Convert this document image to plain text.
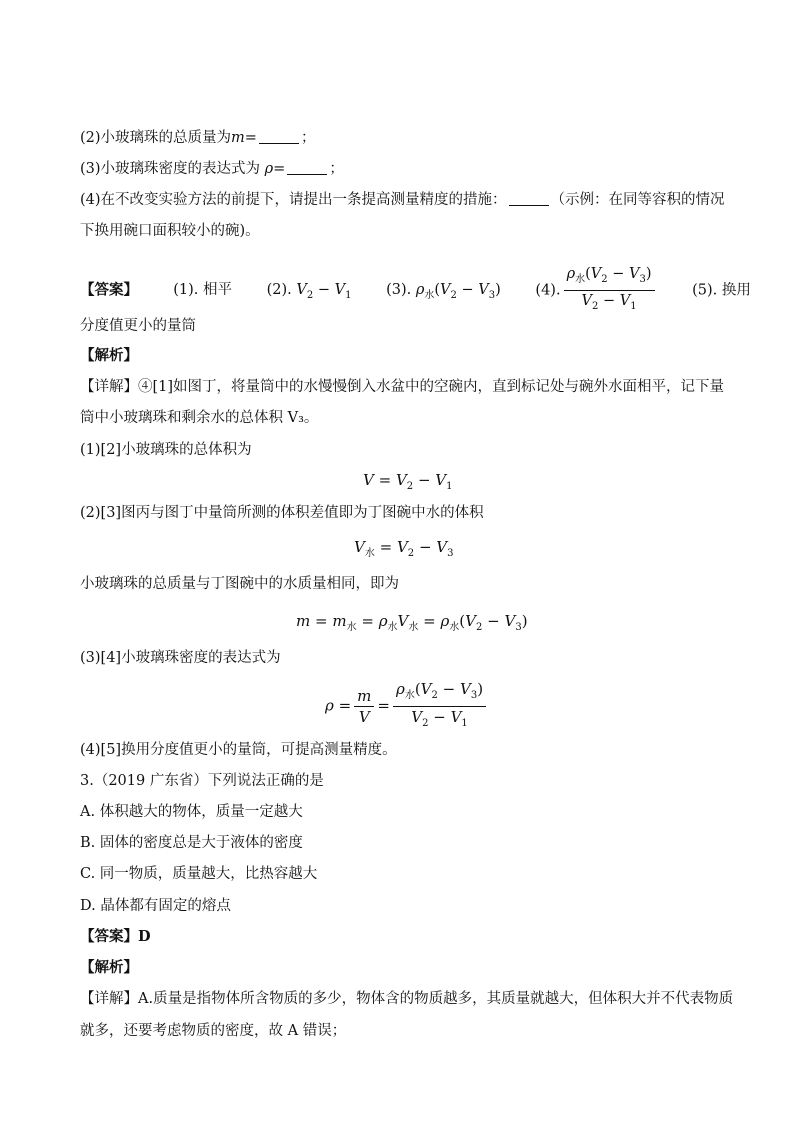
(2)小玻璃珠的总质量为m=	；
(3)小玻璃珠密度的表达式为 ρ=	；
(4)在不改变实验方法的前提下，请提出一条提高测量精度的措施：	（示例：在同等容积的情况
下换用碗口面积较小的碗)。
【答案】 (1). 相平 (2). $V_2 - V_1$ (3). $\rho_水(V_2 - V_3)$ (4). $\frac{\rho_水(V_2 - V_3)}{V_2 - V_1}$	(5). 换用
分度值更小的量筒
【解析】
【详解】④[1]如图丁，将量筒中的水慢慢倒入水盆中的空碗内，直到标记处与碗外水面相平，记下量
筒中小玻璃珠和剩余水的总体积 V₃。
(1)[2]小玻璃珠的总体积为
$V = V_2 - V_1$
(2)[3]图丙与图丁中量筒所测的体积差值即为丁图碗中水的体积
$V_水 = V_2 - V_3$
小玻璃珠的总质量与丁图碗中的水质量相同，即为
$m = m_水 = \rho_水V_水 = \rho_水(V_2 - V_3)$
(3)[4]小玻璃珠密度的表达式为
$\rho = \frac{m}{V} = \frac{\rho_水(V_2 - V_3)}{V_2 - V_1}$
(4)[5]换用分度值更小的量筒，可提高测量精度。
3.（2019 广东省）下列说法正确的是
A. 体积越大的物体，质量一定越大
B. 固体的密度总是大于液体的密度
C. 同一物质，质量越大，比热容越大
D. 晶体都有固定的熔点
【答案】D
【解析】
【详解】A.质量是指物体所含物质的多少，物体含的物质越多，其质量就越大，但体积大并不代表物质
就多，还要考虑物质的密度，故 A 错误；
